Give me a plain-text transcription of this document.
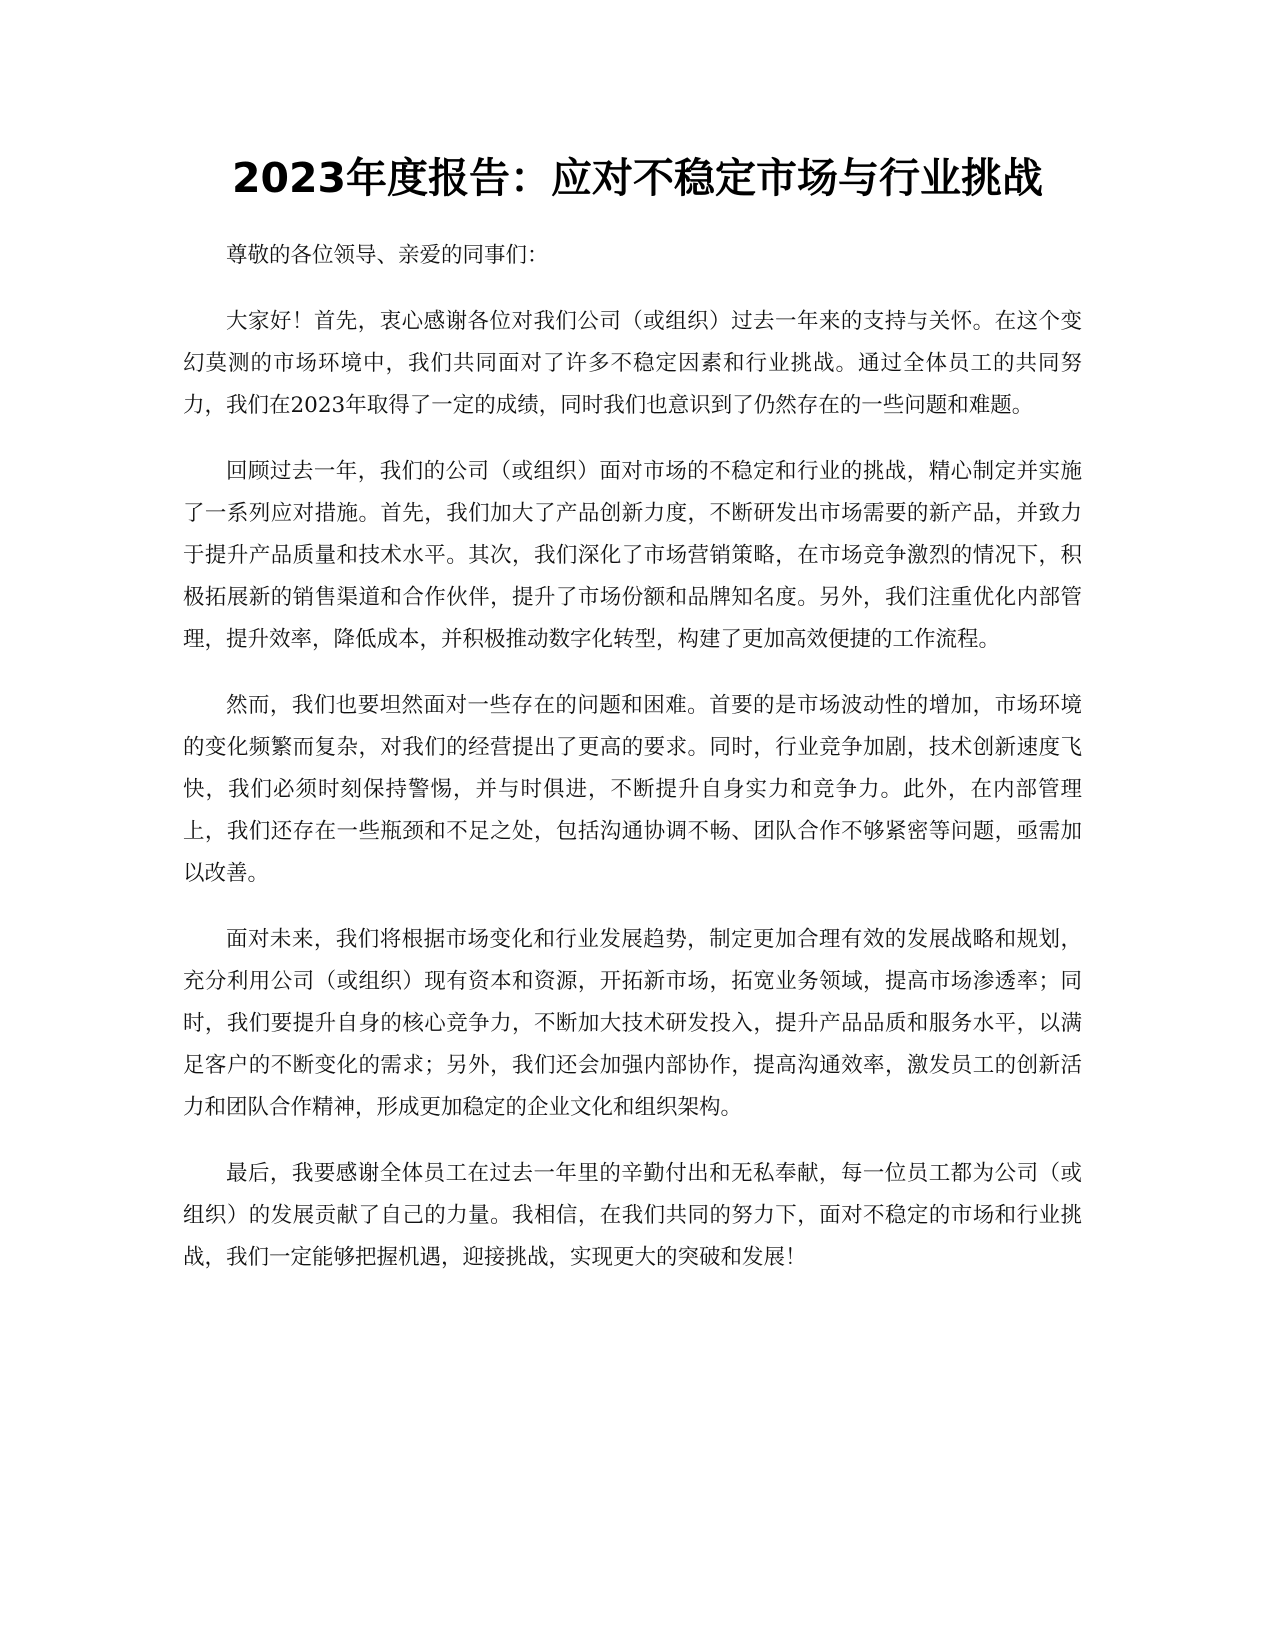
2023年度报告：应对不稳定市场与行业挑战

尊敬的各位领导、亲爱的同事们：

大家好！首先，衷心感谢各位对我们公司（或组织）过去一年来的支持与关怀。在这个变幻莫测的市场环境中，我们共同面对了许多不稳定因素和行业挑战。通过全体员工的共同努力，我们在2023年取得了一定的成绩，同时我们也意识到了仍然存在的一些问题和难题。

回顾过去一年，我们的公司（或组织）面对市场的不稳定和行业的挑战，精心制定并实施了一系列应对措施。首先，我们加大了产品创新力度，不断研发出市场需要的新产品，并致力于提升产品质量和技术水平。其次，我们深化了市场营销策略，在市场竞争激烈的情况下，积极拓展新的销售渠道和合作伙伴，提升了市场份额和品牌知名度。另外，我们注重优化内部管理，提升效率，降低成本，并积极推动数字化转型，构建了更加高效便捷的工作流程。

然而，我们也要坦然面对一些存在的问题和困难。首要的是市场波动性的增加，市场环境的变化频繁而复杂，对我们的经营提出了更高的要求。同时，行业竞争加剧，技术创新速度飞快，我们必须时刻保持警惕，并与时俱进，不断提升自身实力和竞争力。此外，在内部管理上，我们还存在一些瓶颈和不足之处，包括沟通协调不畅、团队合作不够紧密等问题，亟需加以改善。

面对未来，我们将根据市场变化和行业发展趋势，制定更加合理有效的发展战略和规划，充分利用公司（或组织）现有资本和资源，开拓新市场，拓宽业务领域，提高市场渗透率；同时，我们要提升自身的核心竞争力，不断加大技术研发投入，提升产品品质和服务水平，以满足客户的不断变化的需求；另外，我们还会加强内部协作，提高沟通效率，激发员工的创新活力和团队合作精神，形成更加稳定的企业文化和组织架构。

最后，我要感谢全体员工在过去一年里的辛勤付出和无私奉献，每一位员工都为公司（或组织）的发展贡献了自己的力量。我相信，在我们共同的努力下，面对不稳定的市场和行业挑战，我们一定能够把握机遇，迎接挑战，实现更大的突破和发展！
